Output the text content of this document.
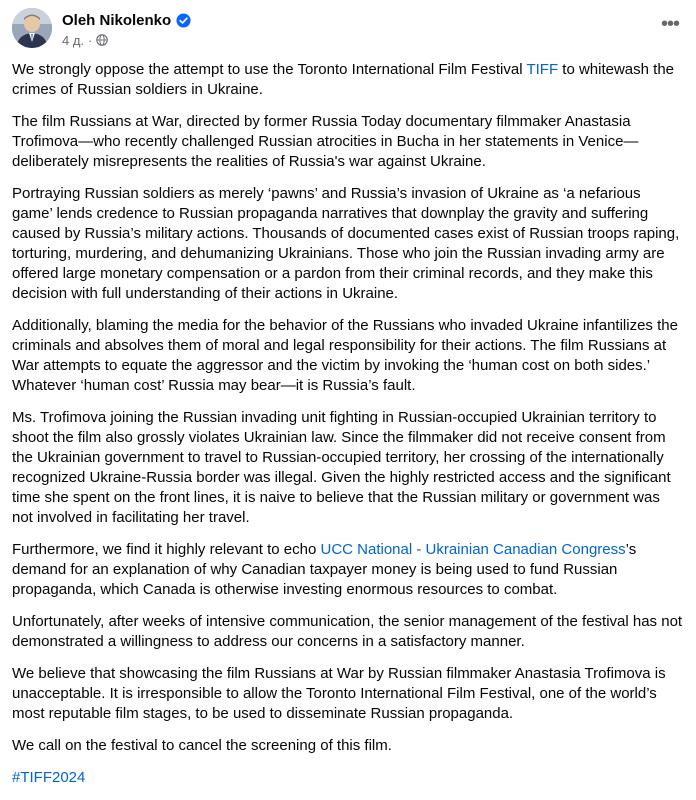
Oleh Nikolenko
4 д. ·
•••

We strongly oppose the attempt to use the Toronto International Film Festival TIFF to whitewash the crimes of Russian soldiers in Ukraine.

The film Russians at War, directed by former Russia Today documentary filmmaker Anastasia Trofimova—who recently challenged Russian atrocities in Bucha in her statements in Venice—deliberately misrepresents the realities of Russia's war against Ukraine.

Portraying Russian soldiers as merely ‘pawns’ and Russia’s invasion of Ukraine as ‘a nefarious game’ lends credence to Russian propaganda narratives that downplay the gravity and suffering caused by Russia’s military actions. Thousands of documented cases exist of Russian troops raping, torturing, murdering, and dehumanizing Ukrainians. Those who join the Russian invading army are offered large monetary compensation or a pardon from their criminal records, and they make this decision with full understanding of their actions in Ukraine.

Additionally, blaming the media for the behavior of the Russians who invaded Ukraine infantilizes the criminals and absolves them of moral and legal responsibility for their actions. The film Russians at War attempts to equate the aggressor and the victim by invoking the ‘human cost on both sides.’ Whatever ‘human cost’ Russia may bear—it is Russia’s fault.

Ms. Trofimova joining the Russian invading unit fighting in Russian-occupied Ukrainian territory to shoot the film also grossly violates Ukrainian law. Since the filmmaker did not receive consent from the Ukrainian government to travel to Russian-occupied territory, her crossing of the internationally recognized Ukraine-Russia border was illegal. Given the highly restricted access and the significant time she spent on the front lines, it is naive to believe that the Russian military or government was not involved in facilitating her travel.

Furthermore, we find it highly relevant to echo UCC National - Ukrainian Canadian Congress’s demand for an explanation of why Canadian taxpayer money is being used to fund Russian propaganda, which Canada is otherwise investing enormous resources to combat.

Unfortunately, after weeks of intensive communication, the senior management of the festival has not demonstrated a willingness to address our concerns in a satisfactory manner.

We believe that showcasing the film Russians at War by Russian filmmaker Anastasia Trofimova is unacceptable. It is irresponsible to allow the Toronto International Film Festival, one of the world’s most reputable film stages, to be used to disseminate Russian propaganda.

We call on the festival to cancel the screening of this film.

#TIFF2024
